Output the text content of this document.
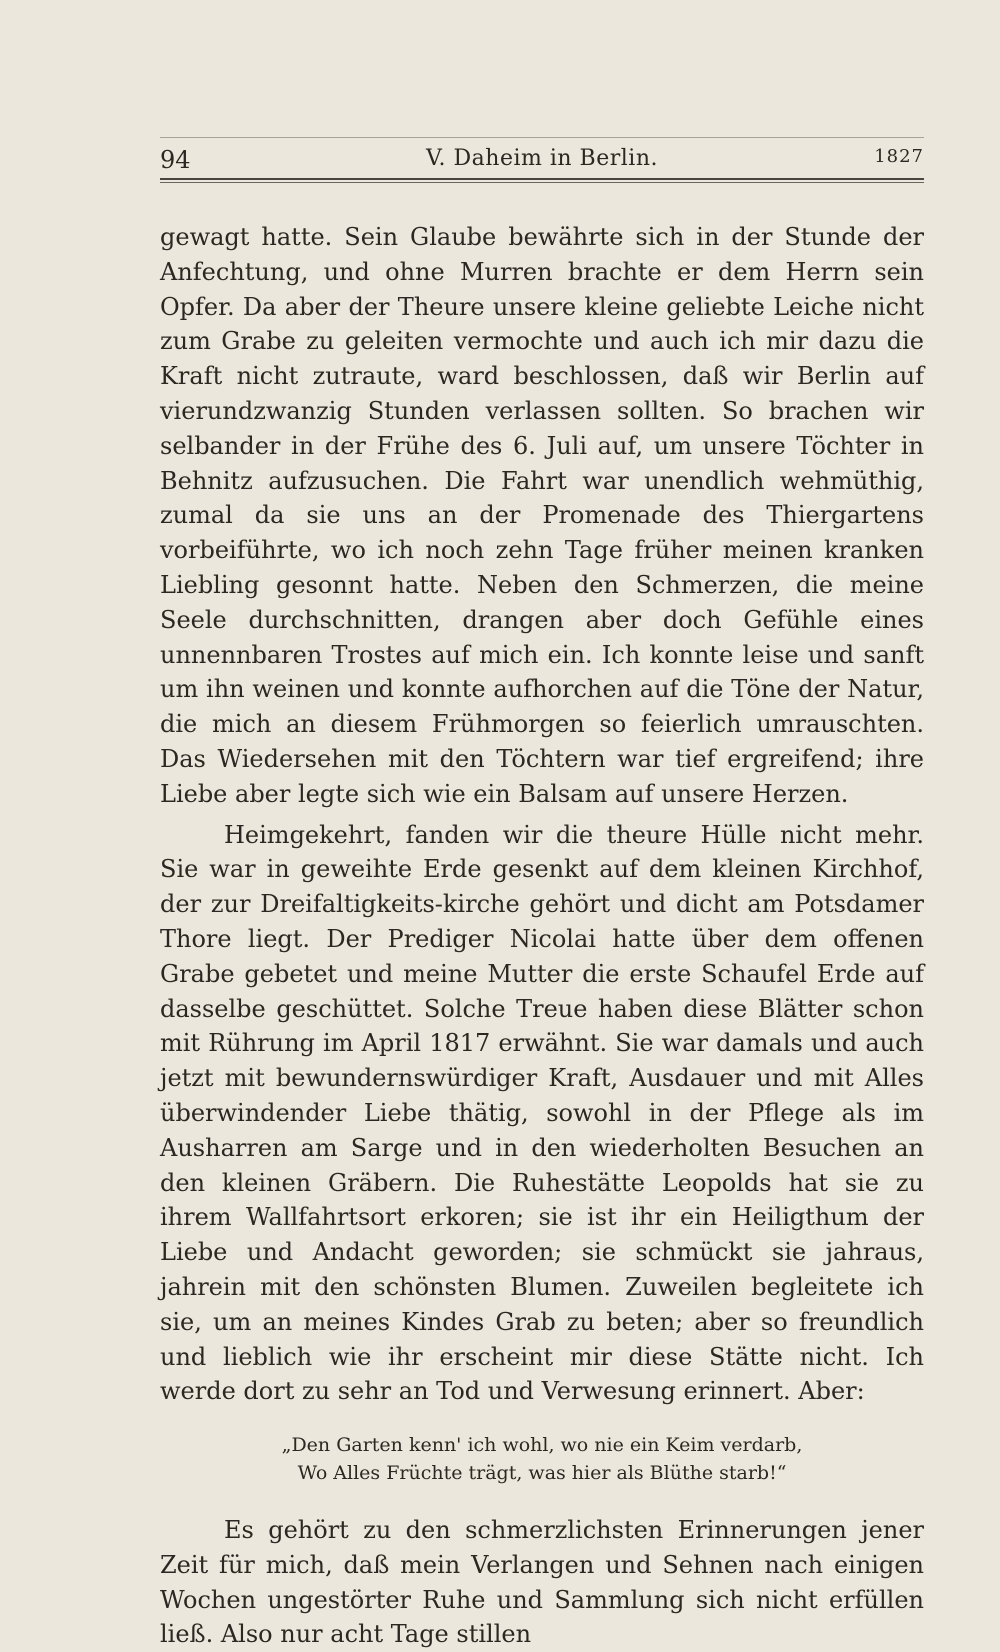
94	V. Daheim in Berlin.	1827

gewagt hatte. Sein Glaube bewährte sich in der Stunde der Anfechtung, und ohne Murren brachte er dem Herrn sein Opfer. Da aber der Theure unsere kleine geliebte Leiche nicht zum Grabe zu geleiten vermochte und auch ich mir dazu die Kraft nicht zutraute, ward beschlossen, daß wir Berlin auf vierundzwanzig Stunden verlassen sollten. So brachen wir selbander in der Frühe des 6. Juli auf, um unsere Töchter in Behnitz aufzusuchen. Die Fahrt war unendlich wehmüthig, zumal da sie uns an der Promenade des Thiergartens vorbeiführte, wo ich noch zehn Tage früher meinen kranken Liebling gesonnt hatte. Neben den Schmerzen, die meine Seele durchschnitten, drangen aber doch Gefühle eines unnennbaren Trostes auf mich ein. Ich konnte leise und sanft um ihn weinen und konnte aufhorchen auf die Töne der Natur, die mich an diesem Frühmorgen so feierlich umrauschten. Das Wiedersehen mit den Töchtern war tief ergreifend; ihre Liebe aber legte sich wie ein Balsam auf unsere Herzen.

Heimgekehrt, fanden wir die theure Hülle nicht mehr. Sie war in geweihte Erde gesenkt auf dem kleinen Kirchhof, der zur Dreifaltigkeits-kirche gehört und dicht am Potsdamer Thore liegt. Der Prediger Nicolai hatte über dem offenen Grabe gebetet und meine Mutter die erste Schaufel Erde auf dasselbe geschüttet. Solche Treue haben diese Blätter schon mit Rührung im April 1817 erwähnt. Sie war damals und auch jetzt mit bewundernswürdiger Kraft, Ausdauer und mit Alles überwindender Liebe thätig, sowohl in der Pflege als im Ausharren am Sarge und in den wiederholten Besuchen an den kleinen Gräbern. Die Ruhestätte Leopolds hat sie zu ihrem Wallfahrtsort erkoren; sie ist ihr ein Heiligthum der Liebe und Andacht geworden; sie schmückt sie jahraus, jahrein mit den schönsten Blumen. Zuweilen begleitete ich sie, um an meines Kindes Grab zu beten; aber so freundlich und lieblich wie ihr erscheint mir diese Stätte nicht. Ich werde dort zu sehr an Tod und Verwesung erinnert. Aber:

„Den Garten kenn' ich wohl, wo nie ein Keim verdarb,
Wo Alles Früchte trägt, was hier als Blüthe starb!“

Es gehört zu den schmerzlichsten Erinnerungen jener Zeit für mich, daß mein Verlangen und Sehnen nach einigen Wochen ungestörter Ruhe und Sammlung sich nicht erfüllen ließ. Also nur acht Tage stillen
